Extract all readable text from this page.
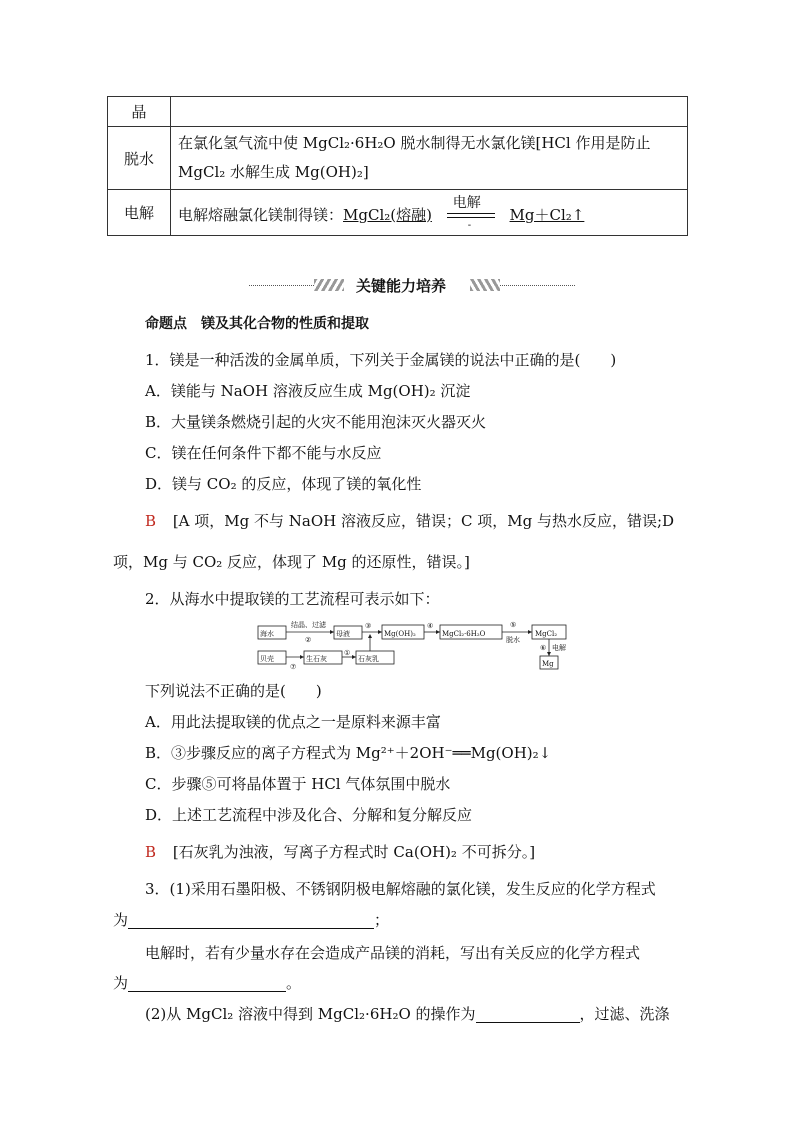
晶	
脱水	在氯化氢气流中使 MgCl₂·6H₂O 脱水制得无水氯化镁[HCl 作用是防止
MgCl₂ 水解生成 Mg(OH)₂]

电解	电解熔融氯化镁制得镁：MgCl₂(熔融)
电解
-
Mg＋Cl₂↑
关键能力培养
命题点　镁及其化合物的性质和提取
1．镁是一种活泼的金属单质，下列关于金属镁的说法中正确的是(　　)
A．镁能与 NaOH 溶液反应生成 Mg(OH)₂ 沉淀
B．大量镁条燃烧引起的火灾不能用泡沫灭火器灭火
C．镁在任何条件下都不能与水反应
D．镁与 CO₂ 的反应，体现了镁的氧化性
B [A 项，Mg 不与 NaOH 溶液反应，错误；C 项，Mg 与热水反应，错误;D
项，Mg 与 CO₂ 反应，体现了 Mg 的还原性，错误。]
2．从海水中提取镁的工艺流程可表示如下：
海水
结晶、过滤
②
母液
③
Mg(OH)₂
④
MgCl₂·6H₂O
⑤
脱水
MgCl₂
⑥ 电解
Mg
贝壳
⑦
生石灰
①
石灰乳
下列说法不正确的是(　　)
A．用此法提取镁的优点之一是原料来源丰富
B．③步骤反应的离子方程式为 Mg²⁺＋2OH⁻══Mg(OH)₂↓
C．步骤⑤可将晶体置于 HCl 气体氛围中脱水
D．上述工艺流程中涉及化合、分解和复分解反应
B [石灰乳为浊液，写离子方程式时 Ca(OH)₂ 不可拆分。]
3．(1)采用石墨阳极、不锈钢阴极电解熔融的氯化镁，发生反应的化学方程式
为	；
电解时，若有少量水存在会造成产品镁的消耗，写出有关反应的化学方程式
为	。
(2)从 MgCl₂ 溶液中得到 MgCl₂·6H₂O 的操作为	，过滤、洗涤
